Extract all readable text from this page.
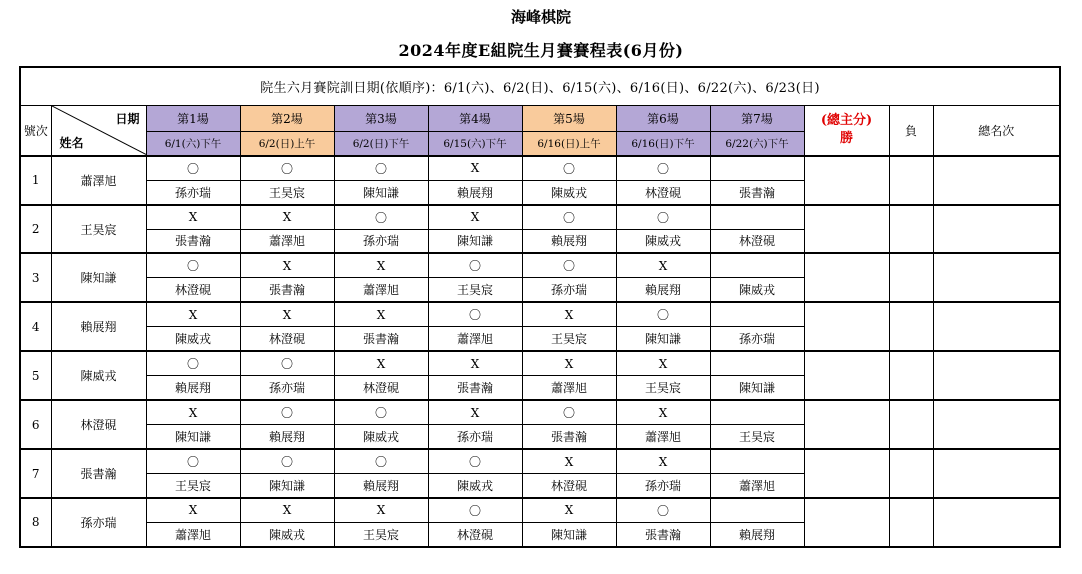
海峰棋院
2024年度E組院生月賽賽程表(6月份)
院生六月賽院訓日期(依順序)：6/1(六)、6/2(日)、6/15(六)、6/16(日)、6/22(六)、6/23(日)											
號次	日期
姓名	第1場	第2場	第3場	第4場	第5場	第6場	第7場	(總主分)
勝	負	總名次
		6/1(六)下午	6/2(日)上午	6/2(日)下午	6/15(六)下午	6/16(日)上午	6/16(日)下午	6/22(六)下午			
1	蕭澤旭	〇	〇	〇	X	〇	〇				
		孫亦瑞	王昊宸	陳知謙	賴展翔	陳威戎	林澄硯	張書瀚			
2	王昊宸	X	X	〇	X	〇	〇				
		張書瀚	蕭澤旭	孫亦瑞	陳知謙	賴展翔	陳威戎	林澄硯			
3	陳知謙	〇	X	X	〇	〇	X				
		林澄硯	張書瀚	蕭澤旭	王昊宸	孫亦瑞	賴展翔	陳威戎			
4	賴展翔	X	X	X	〇	X	〇				
		陳威戎	林澄硯	張書瀚	蕭澤旭	王昊宸	陳知謙	孫亦瑞			
5	陳威戎	〇	〇	X	X	X	X				
		賴展翔	孫亦瑞	林澄硯	張書瀚	蕭澤旭	王昊宸	陳知謙			
6	林澄硯	X	〇	〇	X	〇	X				
		陳知謙	賴展翔	陳威戎	孫亦瑞	張書瀚	蕭澤旭	王昊宸			
7	張書瀚	〇	〇	〇	〇	X	X				
		王昊宸	陳知謙	賴展翔	陳威戎	林澄硯	孫亦瑞	蕭澤旭			
8	孫亦瑞	X	X	X	〇	X	〇				
		蕭澤旭	陳威戎	王昊宸	林澄硯	陳知謙	張書瀚	賴展翔			
